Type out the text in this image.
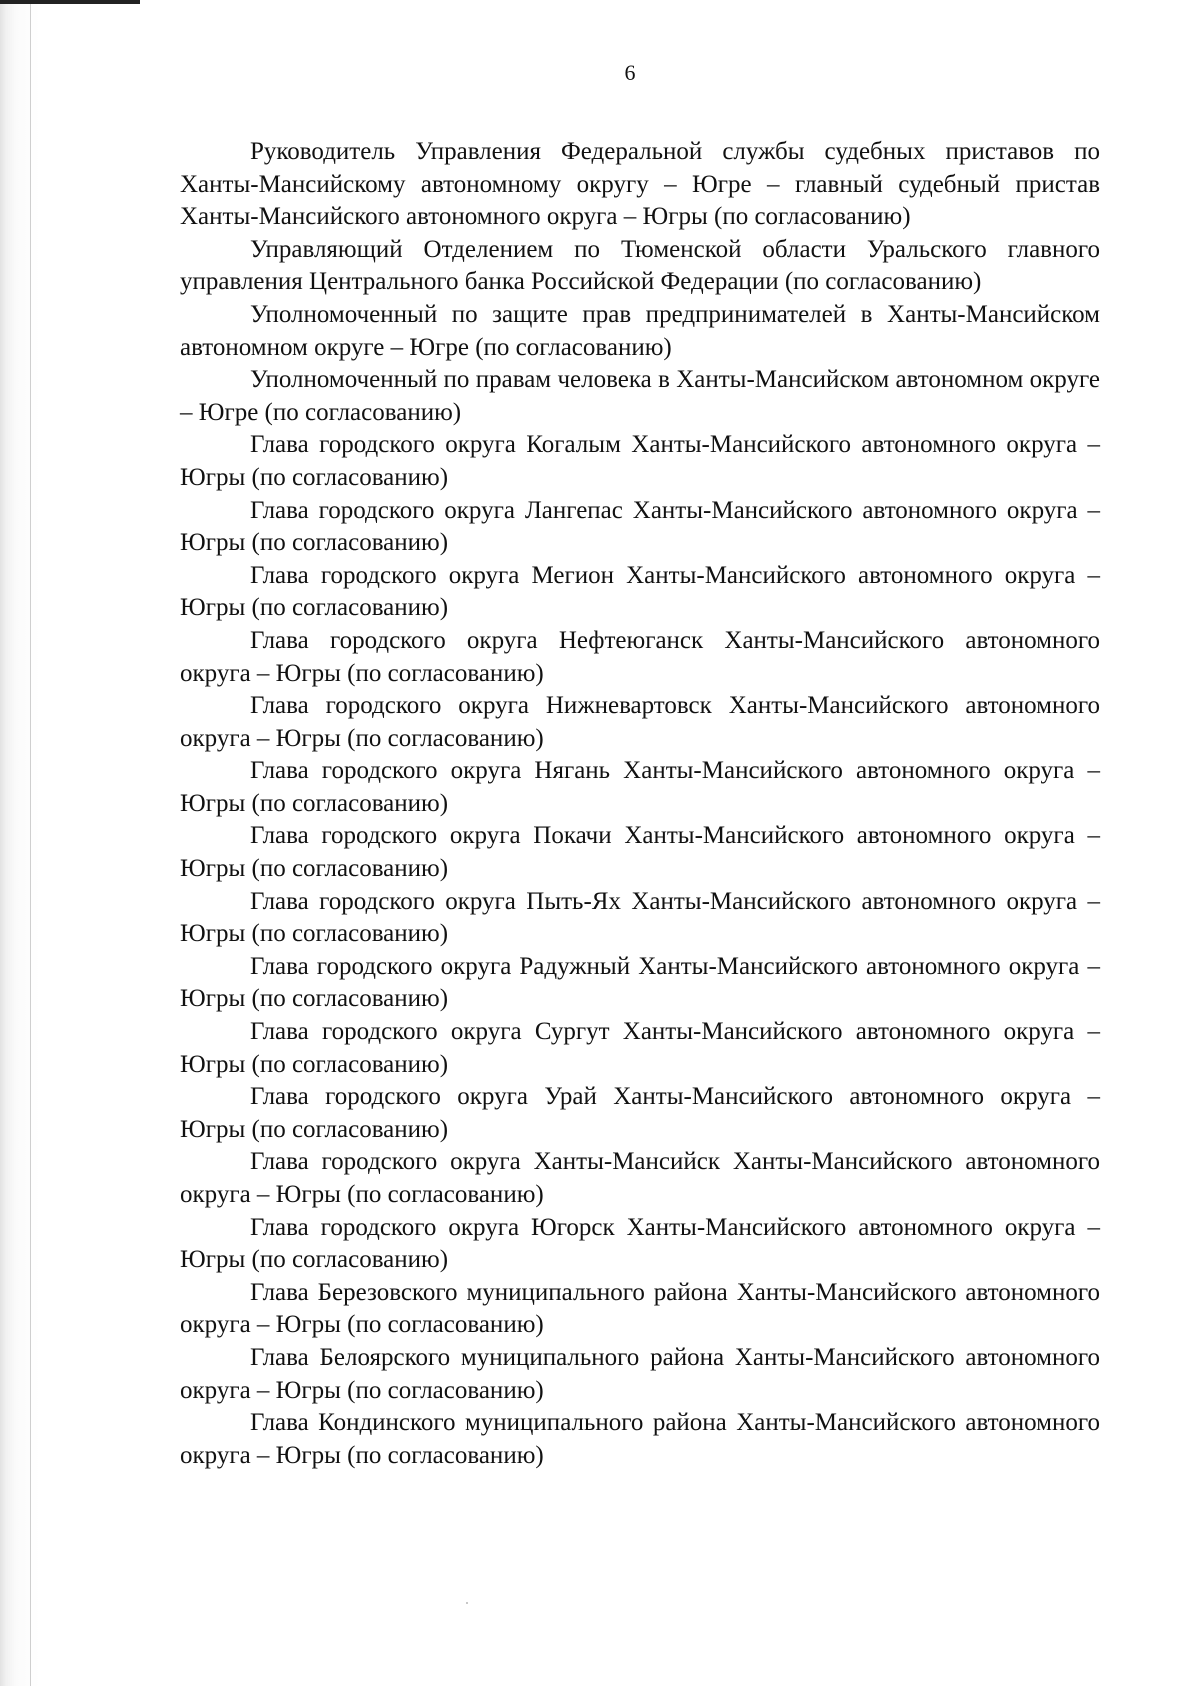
6

Руководитель Управления Федеральной службы судебных приставов по Ханты-Мансийскому автономному округу – Югре – главный судебный пристав Ханты-Мансийского автономного округа – Югры (по согласованию)

Управляющий Отделением по Тюменской области Уральского главного управления Центрального банка Российской Федерации (по согласованию)

Уполномоченный по защите прав предпринимателей в Ханты-Мансийском автономном округе – Югре (по согласованию)

Уполномоченный по правам человека в Ханты-Мансийском автономном округе – Югре (по согласованию)

Глава городского округа Когалым Ханты-Мансийского автономного округа – Югры (по согласованию)

Глава городского округа Лангепас Ханты-Мансийского автономного округа – Югры (по согласованию)

Глава городского округа Мегион Ханты-Мансийского автономного округа – Югры (по согласованию)

Глава городского округа Нефтеюганск Ханты-Мансийского автономного округа – Югры (по согласованию)

Глава городского округа Нижневартовск Ханты-Мансийского автономного округа – Югры (по согласованию)

Глава городского округа Нягань Ханты-Мансийского автономного округа – Югры (по согласованию)

Глава городского округа Покачи Ханты-Мансийского автономного округа – Югры (по согласованию)

Глава городского округа Пыть-Ях Ханты-Мансийского автономного округа – Югры (по согласованию)

Глава городского округа Радужный Ханты-Мансийского автономного округа – Югры (по согласованию)

Глава городского округа Сургут Ханты-Мансийского автономного округа – Югры (по согласованию)

Глава городского округа Урай Ханты-Мансийского автономного округа – Югры (по согласованию)

Глава городского округа Ханты-Мансийск Ханты-Мансийского автономного округа – Югры (по согласованию)

Глава городского округа Югорск Ханты-Мансийского автономного округа – Югры (по согласованию)

Глава Березовского муниципального района Ханты-Мансийского автономного округа – Югры (по согласованию)

Глава Белоярского муниципального района Ханты-Мансийского автономного округа – Югры (по согласованию)

Глава Кондинского муниципального района Ханты-Мансийского автономного округа – Югры (по согласованию)
